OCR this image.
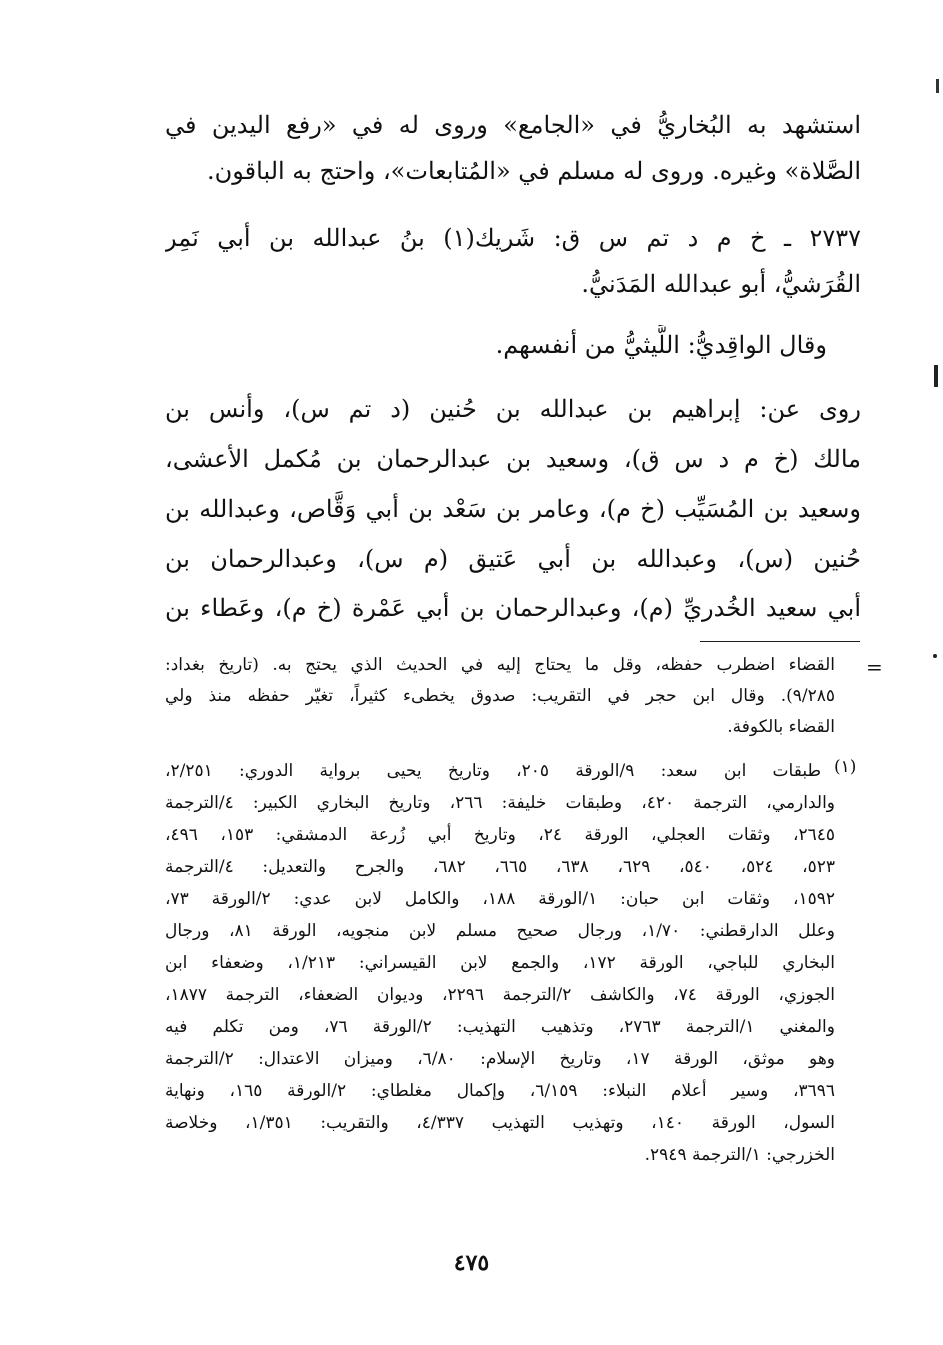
استشهد به البُخاريُّ في «الجامع» وروى له في «رفع اليدين في

الصَّلاة» وغيره. وروى له مسلم في «المُتابعات»، واحتج به الباقون.

٢٧٣٧ ـ خ م د تم س ق: شَريك(١) بنُ عبدالله بن أبي نَمِر

القُرَشيُّ، أبو عبدالله المَدَنيُّ.

وقال الواقِديُّ: اللَّيثيُّ من أنفسهم.

روى عن: إبراهيم بن عبدالله بن حُنين (د تم س)، وأنس بن

مالك (خ م د س ق)، وسعيد بن عبدالرحمان بن مُكمل الأعشى،

وسعيد بن المُسَيِّب (خ م)، وعامر بن سَعْد بن أبي وَقَّاص، وعبدالله بن

حُنين (س)، وعبدالله بن أبي عَتيق (م س)، وعبدالرحمان بن

أبي سعيد الخُدريِّ (م)، وعبدالرحمان بن أبي عَمْرة (خ م)، وعَطاء بن

=

القضاء اضطرب حفظه، وقل ما يحتاج إليه في الحديث الذي يحتج به. (تاريخ بغداد:

٩/٢٨٥). وقال ابن حجر في التقريب: صدوق يخطىء كثيراً، تغيّر حفظه منذ ولي

القضاء بالكوفة.

(١)

طبقات ابن سعد: ٩/الورقة ٢٠٥، وتاريخ يحيى برواية الدوري: ٢/٢٥١،

والدارمي، الترجمة ٤٢٠، وطبقات خليفة: ٢٦٦، وتاريخ البخاري الكبير: ٤/الترجمة

٢٦٤٥، وثقات العجلي، الورقة ٢٤، وتاريخ أبي زُرعة الدمشقي: ١٥٣، ٤٩٦،

٥٢٣، ٥٢٤، ٥٤٠، ٦٢٩، ٦٣٨، ٦٦٥، ٦٨٢، والجرح والتعديل: ٤/الترجمة

١٥٩٢، وثقات ابن حبان: ١/الورقة ١٨٨، والكامل لابن عدي: ٢/الورقة ٧٣،

وعلل الدارقطني: ١/٧٠، ورجال صحيح مسلم لابن منجويه، الورقة ٨١، ورجال

البخاري للباجي، الورقة ١٧٢، والجمع لابن القيسراني: ١/٢١٣، وضعفاء ابن

الجوزي، الورقة ٧٤، والكاشف ٢/الترجمة ٢٢٩٦، وديوان الضعفاء، الترجمة ١٨٧٧،

والمغني ١/الترجمة ٢٧٦٣، وتذهيب التهذيب: ٢/الورقة ٧٦، ومن تكلم فيه

وهو موثق، الورقة ١٧، وتاريخ الإسلام: ٦/٨٠، وميزان الاعتدال: ٢/الترجمة

٣٦٩٦، وسير أعلام النبلاء: ٦/١٥٩، وإكمال مغلطاي: ٢/الورقة ١٦٥، ونهاية

السول، الورقة ١٤٠، وتهذيب التهذيب ٤/٣٣٧، والتقريب: ١/٣٥١، وخلاصة

الخزرجي: ١/الترجمة ٢٩٤٩.

٤٧٥
